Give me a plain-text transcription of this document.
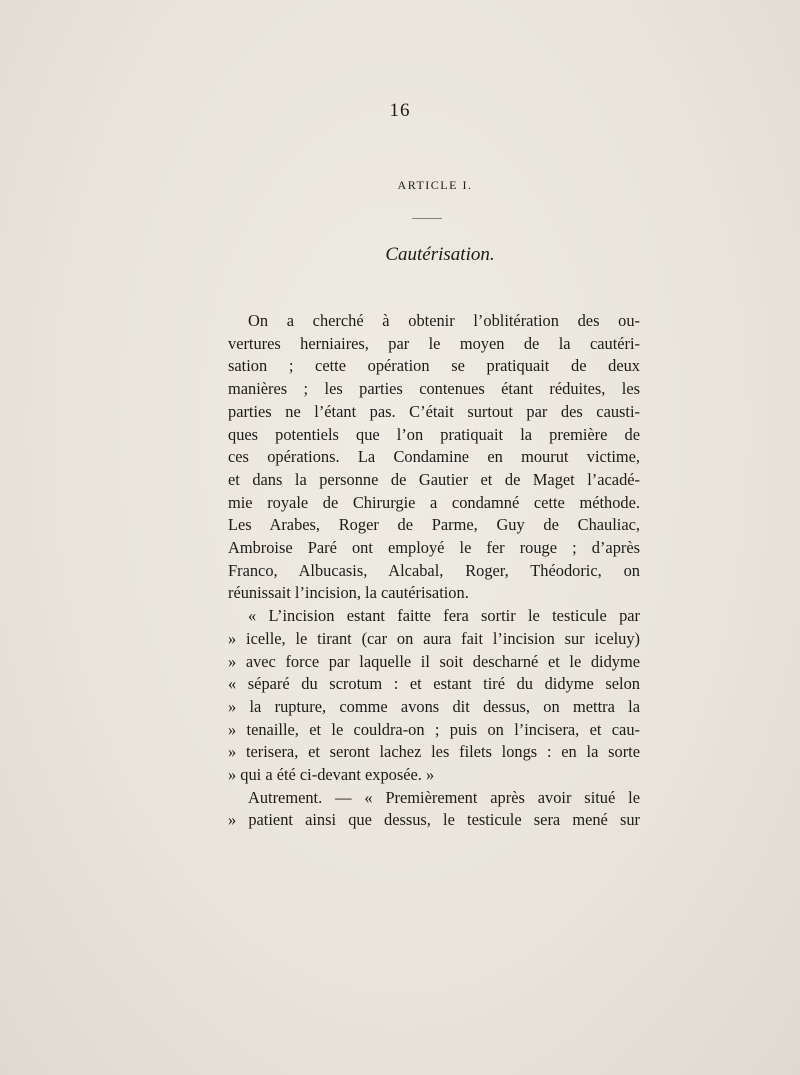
16
ARTICLE I.
Cautérisation.
On a cherché à obtenir l’oblitération des ou-
vertures herniaires, par le moyen de la cautéri-
sation ; cette opération se pratiquait de deux
manières ; les parties contenues étant réduites, les
parties ne l’étant pas. C’était surtout par des causti-
ques potentiels que l’on pratiquait la première de
ces opérations. La Condamine en mourut victime,
et dans la personne de Gautier et de Maget l’acadé-
mie royale de Chirurgie a condamné cette méthode.
Les Arabes, Roger de Parme, Guy de Chauliac,
Ambroise Paré ont employé le fer rouge ; d’après
Franco, Albucasis, Alcabal, Roger, Théodoric, on
réunissait l’incision, la cautérisation.
« L’incision estant faitte fera sortir le testicule par
» icelle, le tirant (car on aura fait l’incision sur iceluy)
» avec force par laquelle il soit descharné et le didyme
« séparé du scrotum : et estant tiré du didyme selon
» la rupture, comme avons dit dessus, on mettra la
» tenaille, et le couldra-on ; puis on l’incisera, et cau-
» terisera, et seront lachez les filets longs : en la sorte
» qui a été ci-devant exposée. »
Autrement. — « Premièrement après avoir situé le
» patient ainsi que dessus, le testicule sera mené sur
